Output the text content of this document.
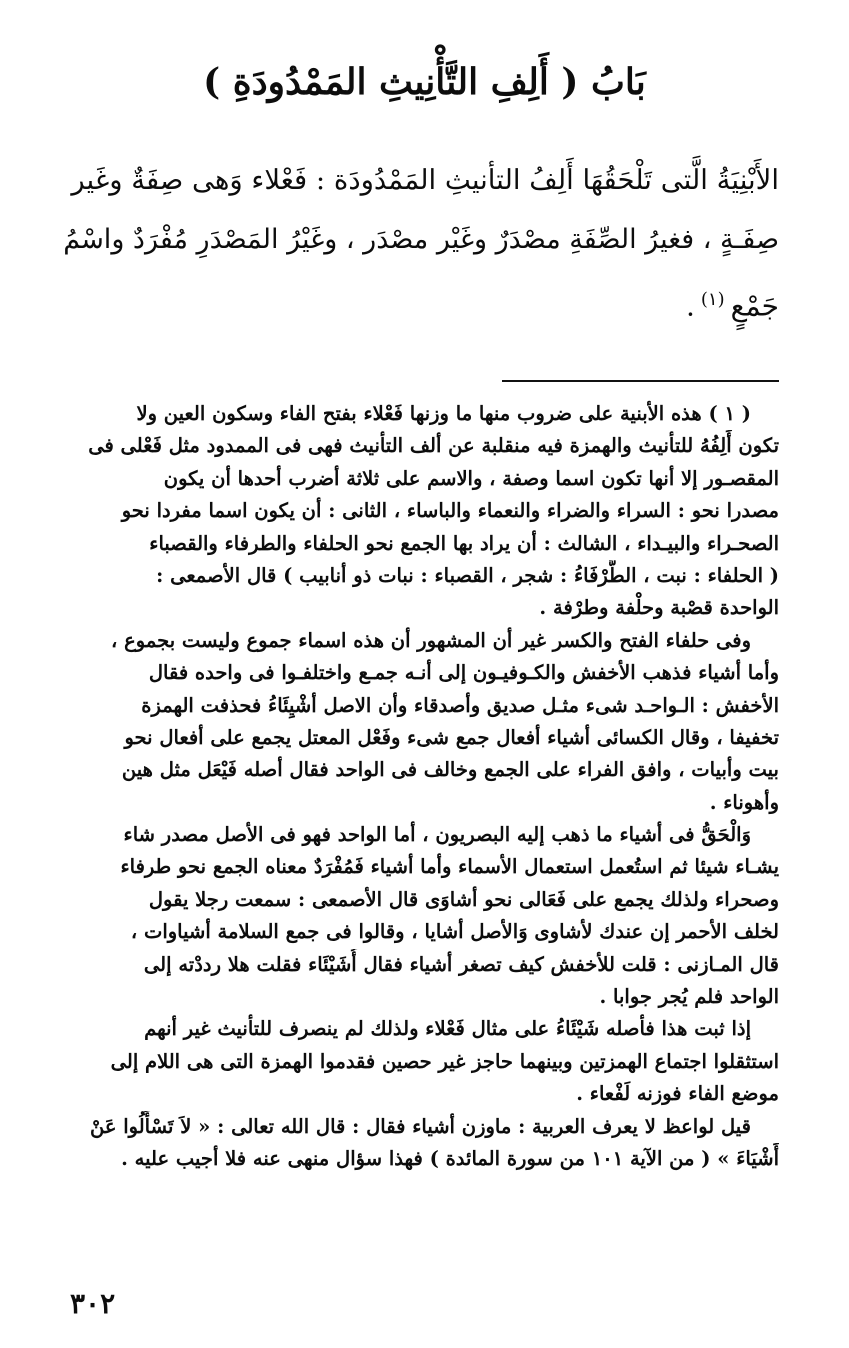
بَابُ ( أَلِفِ التَّأْنِيثِ المَمْدُودَةِ )
الأَبْنِيَةُ الَّتى تَلْحَقُهَا أَلِفُ التأنيثِ المَمْدُودَة : فَعْلاء وَهى صِفَةٌ وغَير
صِفَـةٍ ، فغيرُ الصِّفَةِ مصْدَرٌ وغَيْر مصْدَر ، وغَيْرُ المَصْدَرِ مُفْرَدٌ واسْمُ
جَمْعٍ$^{(١)}$.
( ١ ) هذه الأبنية على ضروب منها ما وزنها فَعْلاء بفتح الفاء وسكون العين ولا
تكون أَلِفُهُ للتأنيث والهمزة فيه منقلبة عن ألف التأنيث فهى فى الممدود مثل فَعْلى فى
المقصـور إلا أنها تكون اسما وصفة ، والاسم على ثلاثة أضرب أحدها أن يكون
مصدرا نحو : السراء والضراء والنعماء والباساء ، الثانى : أن يكون اسما مفردا نحو
الصحـراء والبيـداء ، الشالث : أن يراد بها الجمع نحو الحلفاء والطرفاء والقصباء
( الحلفاء : نبت ، الطَّرْفَاءُ : شجر ، القصباء : نبات ذو أنابيب ) قال الأصمعى :
الواحدة قصْبة وحلْفة وطرْفة .
وفى حلفاء الفتح والكسر غير أن المشهور أن هذه اسماء جموع وليست بجموع ،
وأما أشياء فذهب الأخفش والكـوفيـون إلى أنـه جمـع واختلفـوا فى واحده فقال
الأخفش : الـواحـد شىء مثـل صديق وأصدقاء وأن الاصل أشْيِئَاءُ فحذفت الهمزة
تخفيفا ، وقال الكسائى أشياء أفعال جمع شىء وفَعْل المعتل يجمع على أفعال نحو
بيت وأبيات ، وافق الفراء على الجمع وخالف فى الواحد فقال أصله فَيْعَل مثل هين
وأهوناء .
وَالْحَقُّ فى أشياء ما ذهب إليه البصريون ، أما الواحد فهو فى الأصل مصدر شاء
يشـاء شيئا ثم استُعمل استعمال الأسماء وأما أشياء فَمُفْرَدٌ معناه الجمع نحو طرفاء
وصحراء ولذلك يجمع على فَعَالى نحو أشاوَى قال الأصمعى : سمعت رجلا يقول
لخلف الأحمر إن عندك لأشاوى وَالأصل أشايا ، وقالوا فى جمع السلامة أشياوات ،
قال المـازنى : قلت للأخفش كيف تصغر أشياء فقال أُشَيْئَاء فقلت هلا رددْته إلى
الواحد فلم يُجر جوابا .
إذا ثبت هذا فأصله شَيْئَاءُ على مثال فَعْلاء ولذلك لم ينصرف للتأنيث غير أنهم
استثقلوا اجتماع الهمزتين وبينهما حاجز غير حصين فقدموا الهمزة التى هى اللام إلى
موضع الفاء فوزنه لَفْعاء .
قيل لواعظ لا يعرف العربية : ماوزن أشياء فقال : قال الله تعالى : « لاَ تَسْأَلُوا عَنْ
أَشْيَاءَ » ( من الآية ١٠١ من سورة المائدة ) فهذا سؤال منهى عنه فلا أجيب عليه .
٣٠٢
